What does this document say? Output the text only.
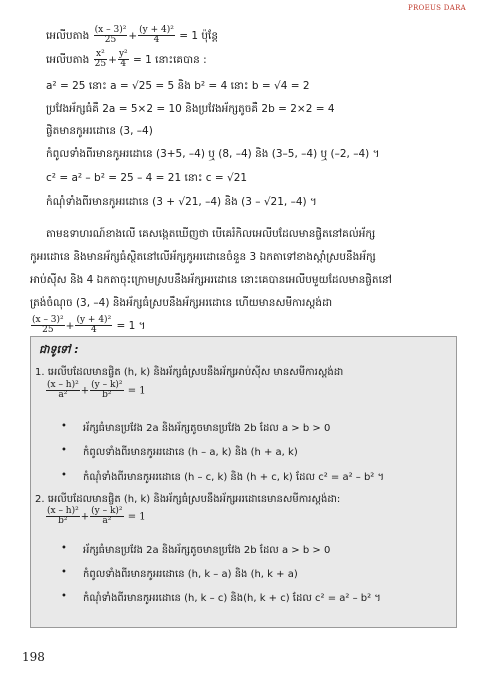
PROEUS DARA
អេលីបតាង $\frac{\text{(x – 3)²}}{25} + \frac{\text{(y + 4)²}}{4} = 1$ ប៉ុន្តែ
អេលីបតាង $\frac{\text{x²}}{25} + \frac{\text{y²}}{4} = 1$ នោះគេបាន :
a² = 25 នោះ a = √25 = 5 និង b² = 4 នោះ b = √4 = 2
ប្រវែងអ័ក្សធំគឺ 2a = 5×2 = 10 និងប្រវែងអ័ក្សតូចគឺ 2b = 2×2 = 4
ផ្ចិតមានកូអរដោនេ (3, –4)
កំពូលទាំងពីរមានកូអរដោនេ (3+5, –4) ឬ (8, –4) និង (3–5, –4) ឬ (–2, –4) ។
c² = a² – b² = 25 – 4 = 21 នោះ c = √21
កំណុំទាំងពីរមានកូអរដោនេ (3 + √21, –4) និង (3 – √21, –4) ។
តាមឧទាហរណ៍ខាងលើ គេសង្កេតឃើញថា បើគេរំកិលអេលីបដែលមានផ្ចិតនៅគល់អ័ក្ស
កូអរដោនេ និងមានអ័ក្សធំស្ថិតនៅលើអ័ក្សកូអរដោនេចំនួន 3 ឯកតាទៅខាងស្តាំស្របនឹងអ័ក្ស
អាប់ស៊ីស និង 4 ឯកតាចុះក្រោមស្របនឹងអ័ក្សអរដោនេ នោះគេបានអេលីបមួយដែលមានផ្ចិតនៅ
ត្រង់ចំណុច (3, –4) និងអ័ក្សធំស្របនឹងអ័ក្សអរដោនេ ហើយមានសមីការស្តង់ដា
$\frac{\text{(x – 3)²}}{25} + \frac{\text{(y + 4)²}}{4} = 1$ ។
ជាទូទៅ :
1. អេលីបដែលមានផ្ចិត (h, k) និងអ័ក្សធំស្របនឹងអ័ក្សអាប់ស៊ីស មានសមីការស្តង់ដា
$\frac{\text{(x – h)²}}{\text{a²}} + \frac{\text{(y – k)²}}{\text{b²}} = 1$
• អ័ក្សធំមានប្រវែង 2a និងអ័ក្សតូចមានប្រវែង 2b ដែល a > b > 0
• កំពូលទាំងពីរមានកូអរដោនេ (h – a, k) និង (h + a, k)
• កំណុំទាំងពីរមានកូអរដោនេ (h – c, k) និង (h + c, k) ដែល c² = a² – b² ។
2. អេលីបដែលមានផ្ចិត (h, k) និងអ័ក្សធំស្របនឹងអ័ក្សអរដោនេមានសមីការស្តង់ដា:
$\frac{\text{(x – h)²}}{\text{b²}} + \frac{\text{(y – k)²}}{\text{a²}} = 1$
• អ័ក្សធំមានប្រវែង 2a និងអ័ក្សតូចមានប្រវែង 2b ដែល a > b > 0
• កំពូលទាំងពីរមានកូអរដោនេ (h, k – a) និង (h, k + a)
• កំណុំទាំងពីរមានកូអរដោនេ (h, k – c) និង(h, k + c) ដែល c² = a² – b² ។
198
